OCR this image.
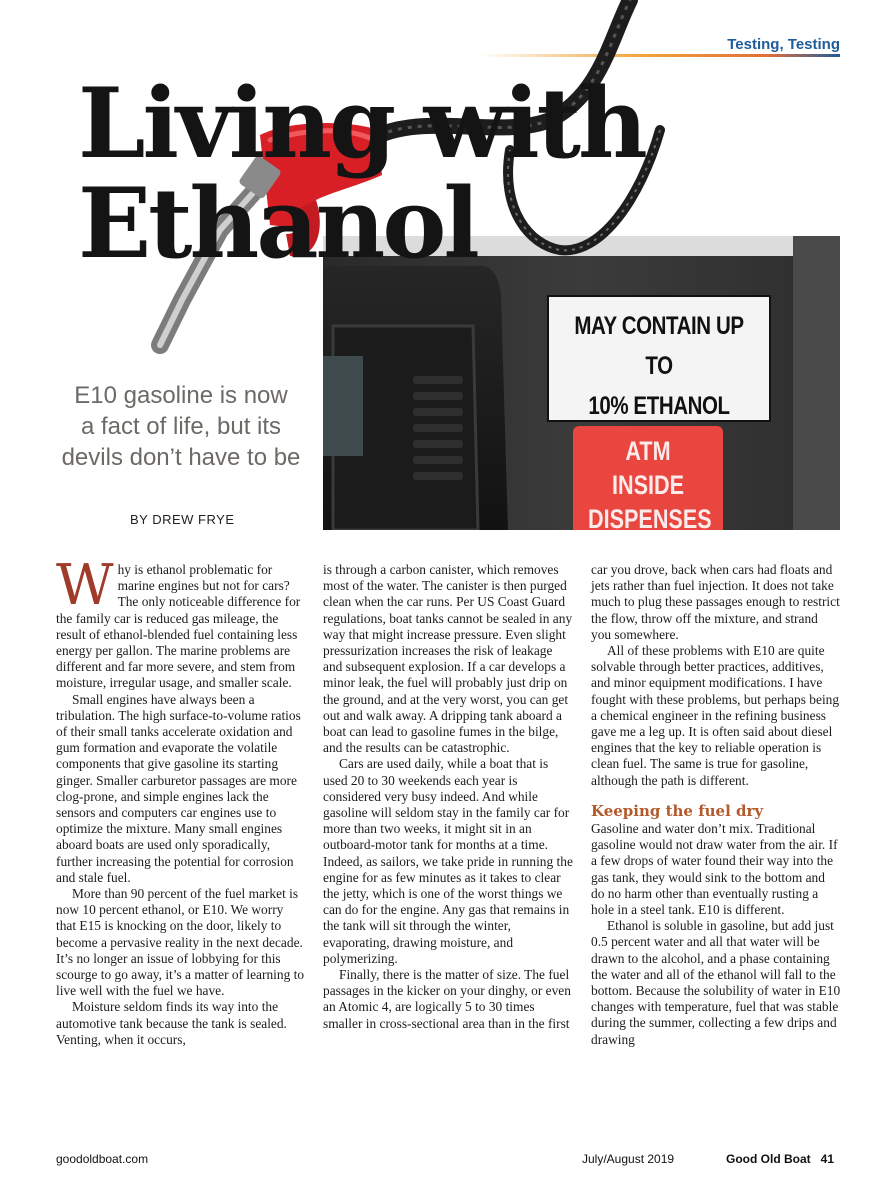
Testing, Testing
MAY CONTAIN UP TO
10% ETHANOL
ATM
INSIDE
DISPENSES
Living with Ethanol
E10 gasoline is now
a fact of life, but its
devils don’t have to be
BY DREW FRYE

Why is ethanol problematic for marine engines but not for cars? The only noticeable difference for the family car is reduced gas mileage, the result of ethanol-blended fuel containing less energy per gallon. The marine problems are different and far more severe, and stem from moisture, irregular usage, and smaller scale.

Small engines have always been a tribulation. The high surface-to-volume ratios of their small tanks accelerate oxidation and gum formation and evaporate the volatile components that give gasoline its starting ginger. Smaller carburetor passages are more clog-prone, and simple engines lack the sensors and computers car engines use to optimize the mixture. Many small engines aboard boats are used only sporadically, further increasing the potential for corrosion and stale fuel.

More than 90 percent of the fuel market is now 10 percent ethanol, or E10. We worry that E15 is knocking on the door, likely to become a pervasive reality in the next decade. It’s no longer an issue of lobbying for this scourge to go away, it’s a matter of learning to live well with the fuel we have.

Moisture seldom finds its way into the automotive tank because the tank is sealed. Venting, when it occurs,

is through a carbon canister, which removes most of the water. The canister is then purged clean when the car runs. Per US Coast Guard regulations, boat tanks cannot be sealed in any way that might increase pressure. Even slight pressurization increases the risk of leakage and subsequent explosion. If a car develops a minor leak, the fuel will probably just drip on the ground, and at the very worst, you can get out and walk away. A dripping tank aboard a boat can lead to gasoline fumes in the bilge, and the results can be catastrophic.

Cars are used daily, while a boat that is used 20 to 30 weekends each year is considered very busy indeed. And while gasoline will seldom stay in the family car for more than two weeks, it might sit in an outboard-motor tank for months at a time. Indeed, as sailors, we take pride in running the engine for as few minutes as it takes to clear the jetty, which is one of the worst things we can do for the engine. Any gas that remains in the tank will sit through the winter, evaporating, drawing moisture, and polymerizing.

Finally, there is the matter of size. The fuel passages in the kicker on your dinghy, or even an Atomic 4, are logically 5 to 30 times smaller in cross-sectional area than in the first

car you drove, back when cars had floats and jets rather than fuel injection. It does not take much to plug these passages enough to restrict the flow, throw off the mixture, and strand you somewhere.

All of these problems with E10 are quite solvable through better practices, additives, and minor equipment modifications. I have fought with these problems, but perhaps being a chemical engineer in the refining business gave me a leg up. It is often said about diesel engines that the key to reliable operation is clean fuel. The same is true for gasoline, although the path is different.

Keeping the fuel dry

Gasoline and water don’t mix. Traditional gasoline would not draw water from the air. If a few drops of water found their way into the gas tank, they would sink to the bottom and do no harm other than eventually rusting a hole in a steel tank. E10 is different.

Ethanol is soluble in gasoline, but add just 0.5 percent water and all that water will be drawn to the alcohol, and a phase containing the water and all of the ethanol will fall to the bottom. Because the solubility of water in E10 changes with temperature, fuel that was stable during the summer, collecting a few drips and drawing

goodoldboat.com	July/August 2019	Good Old Boat   41
